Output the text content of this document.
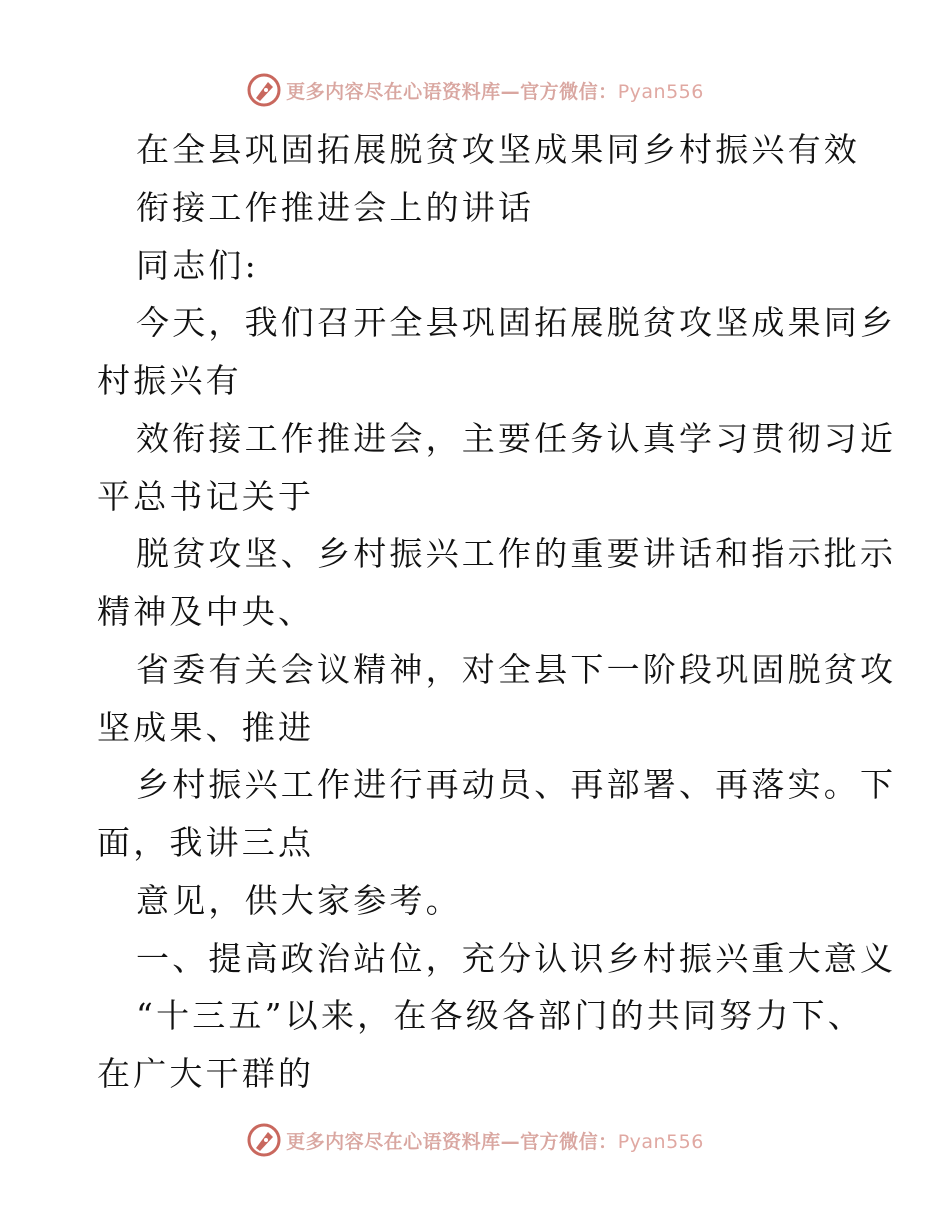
更多内容尽在心语资料库—官方微信：Pyan556
在全县巩固拓展脱贫攻坚成果同乡村振兴有效
衔接工作推进会上的讲话
同志们:
今天，我们召开全县巩固拓展脱贫攻坚成果同乡
村振兴有
效衔接工作推进会，主要任务认真学习贯彻习近
平总书记关于
脱贫攻坚、乡村振兴工作的重要讲话和指示批示
精神及中央、
省委有关会议精神，对全县下一阶段巩固脱贫攻
坚成果、推进
乡村振兴工作进行再动员、再部署、再落实。下
面，我讲三点
意见，供大家参考。
一、提高政治站位，充分认识乡村振兴重大意义
“十三五”以来，在各级各部门的共同努力下、
在广大干群的
更多内容尽在心语资料库—官方微信：Pyan556
